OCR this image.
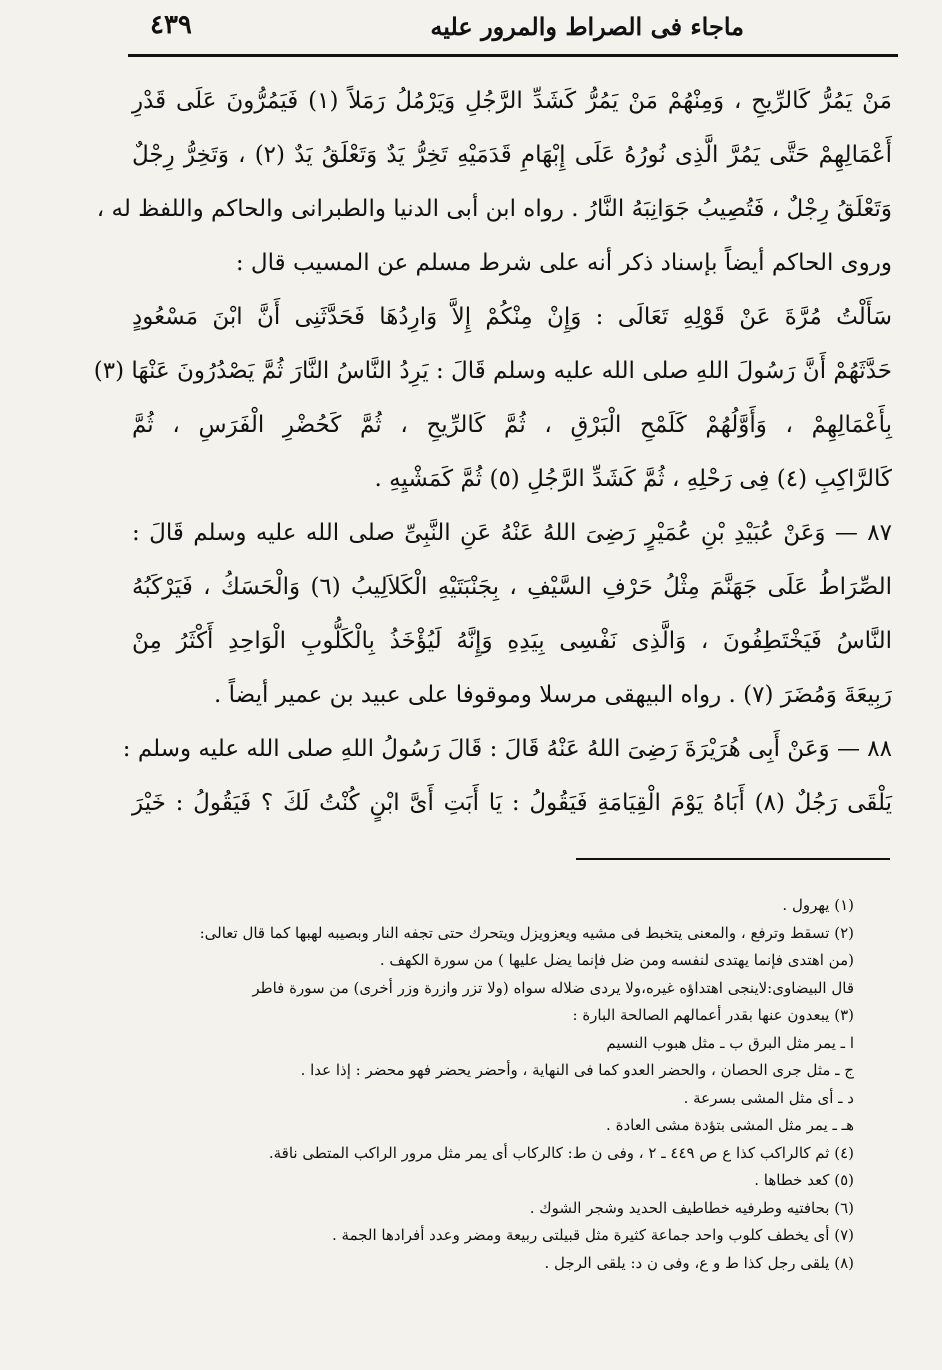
ماجاء فى الصراط والمرور عليه
٤٣٩
مَنْ يَمُرُّ كَالرِّيحِ ، وَمِنْهُمْ مَنْ يَمُرُّ كَشَدِّ الرَّجُلِ وَيَرْمُلُ رَمَلاً (١) فَيَمُرُّونَ عَلَى قَدْرِ
أَعْمَالِهِمْ حَتَّى يَمُرَّ الَّذِى نُورُهُ عَلَى إِبْهَامِ قَدَمَيْهِ تَخِرُّ يَدٌ وَتَعْلَقُ يَدٌ (٢) ، وَتَخِرُّ رِجْلٌ
وَتَعْلَقُ رِجْلٌ ، فَتُصِيبُ جَوَانِبَهُ النَّارُ . رواه ابن أبى الدنيا والطبرانى والحاكم واللفظ له ،
وروى الحاكم أيضاً بإسناد ذكر أنه على شرط مسلم عن المسيب قال :
سَأَلْتُ مُرَّةَ عَنْ قَوْلِهِ تَعَالَى : وَإِنْ مِنْكُمْ إِلاَّ وَارِدُهَا فَحَدَّثَنِى أَنَّ ابْنَ مَسْعُودٍ
حَدَّثَهُمْ أَنَّ رَسُولَ اللهِ صلى الله عليه وسلم قَالَ : يَرِدُ النَّاسُ النَّارَ ثُمَّ يَصْدُرُونَ عَنْهَا (٣)
بِأَعْمَالِهِمْ ، وَأَوَّلُهُمْ كَلَمْحِ الْبَرْقِ ، ثُمَّ كَالرِّيحِ ، ثُمَّ كَحُضْرِ الْفَرَسِ ، ثُمَّ
كَالرَّاكِبِ (٤) فِى رَحْلِهِ ، ثُمَّ كَشَدِّ الرَّجُلِ (٥) ثُمَّ كَمَشْيِهِ .
٨٧ — وَعَنْ عُبَيْدِ بْنِ عُمَيْرٍ رَضِىَ اللهُ عَنْهُ عَنِ النَّبِىِّ صلى الله عليه وسلم قَالَ :
الصِّرَاطُ عَلَى جَهَنَّمَ مِثْلُ حَرْفِ السَّيْفِ ، بِجَنْبَتَيْهِ الْكَلاَلِيبُ (٦) وَالْحَسَكُ ، فَيَرْكَبُهُ
النَّاسُ فَيَخْتَطِفُونَ ، وَالَّذِى نَفْسِى بِيَدِهِ وَإِنَّهُ لَيُؤْخَذُ بِالْكَلُّوبِ الْوَاحِدِ أَكْثَرُ مِنْ
رَبِيعَةَ وَمُضَرَ (٧) . رواه البيهقى مرسلا وموقوفا على عبيد بن عمير أيضاً .
٨٨ — وَعَنْ أَبِى هُرَيْرَةَ رَضِىَ اللهُ عَنْهُ قَالَ : قَالَ رَسُولُ اللهِ صلى الله عليه وسلم :
يَلْقَى رَجُلٌ (٨) أَبَاهُ يَوْمَ الْقِيَامَةِ فَيَقُولُ : يَا أَبَتِ أَىَّ ابْنٍ كُنْتُ لَكَ ؟ فَيَقُولُ : خَيْرَ
(١) يهرول .
(٢) تسقط وترفع ، والمعنى يتخبط فى مشيه ويعزويزل ويتحرك حتى تجفه النار وبصيبه لهبها كما قال تعالى:
(من اهتدى فإنما يهتدى لنفسه ومن ضل فإنما يضل عليها ) من سورة الكهف .
قال البيضاوى:لاينجى اهتداؤه غيره،ولا يردى ضلاله سواه (ولا تزر وازرة وزر أخرى) من سورة فاطر
(٣) يبعدون عنها بقدر أعمالهم الصالحة البارة :
ا ـ يمر مثل البرق ب ـ مثل هبوب النسيم
ج ـ مثل جرى الحصان ، والحضر العدو كما فى النهاية ، وأحضر يحضر فهو محضر : إذا عدا .
د ـ أى مثل المشى بسرعة .
هـ ـ يمر مثل المشى بتؤدة مشى العادة .
(٤) ثم كالراكب كذا ع ص ٤٤٩ ـ ٢ ، وفى ن ط: كالركاب أى يمر مثل مرور الراكب المتطى ناقة.
(٥) كعد خطاها .
(٦) بحافتيه وطرفيه خطاطيف الحديد وشجر الشوك .
(٧) أى يخطف كلوب واحد جماعة كثيرة مثل قبيلتى ربيعة ومضر وعدد أفرادها الجمة .
(٨) يلقى رجل كذا ط و ع، وفى ن د: يلقى الرجل .
